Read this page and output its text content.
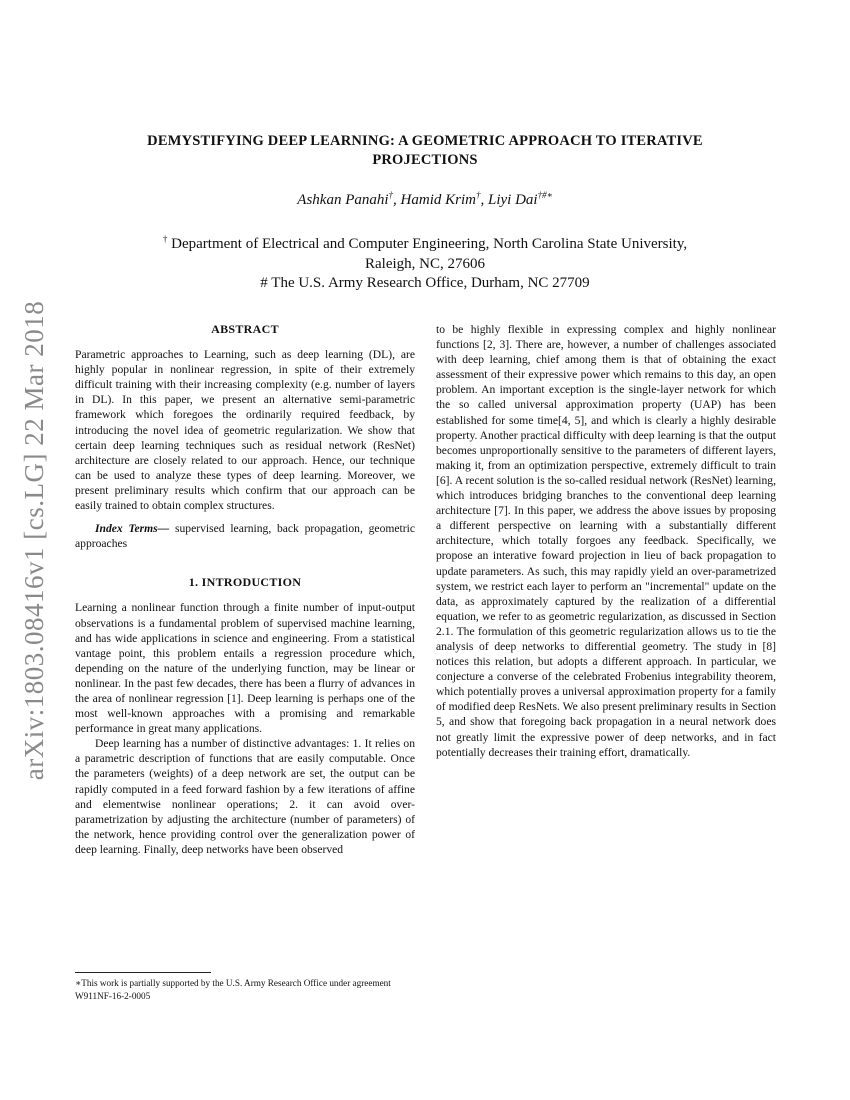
arXiv:1803.08416v1 [cs.LG] 22 Mar 2018
DEMYSTIFYING DEEP LEARNING: A GEOMETRIC APPROACH TO ITERATIVE
PROJECTIONS
Ashkan Panahi†, Hamid Krim†, Liyi Dai†#∗
† Department of Electrical and Computer Engineering, North Carolina State University,
Raleigh, NC, 27606
# The U.S. Army Research Office, Durham, NC 27709
ABSTRACT

Parametric approaches to Learning, such as deep learning (DL), are highly popular in nonlinear regression, in spite of their extremely difficult training with their increasing complexity (e.g. number of layers in DL). In this paper, we present an alternative semi-parametric framework which foregoes the ordinarily required feedback, by introducing the novel idea of geometric regularization. We show that certain deep learning techniques such as residual network (ResNet) architecture are closely related to our approach. Hence, our technique can be used to analyze these types of deep learning. Moreover, we present preliminary results which confirm that our approach can be easily trained to obtain complex structures.

Index Terms— supervised learning, back propagation, geometric approaches

1. INTRODUCTION

Learning a nonlinear function through a finite number of input-output observations is a fundamental problem of supervised machine learning, and has wide applications in science and engineering. From a statistical vantage point, this problem entails a regression procedure which, depending on the nature of the underlying function, may be linear or nonlinear. In the past few decades, there has been a flurry of advances in the area of nonlinear regression [1]. Deep learning is perhaps one of the most well-known approaches with a promising and remarkable performance in great many applications.

Deep learning has a number of distinctive advantages: 1. It relies on a parametric description of functions that are easily computable. Once the parameters (weights) of a deep network are set, the output can be rapidly computed in a feed forward fashion by a few iterations of affine and elementwise nonlinear operations; 2. it can avoid over-parametrization by adjusting the architecture (number of parameters) of the network, hence providing control over the generalization power of deep learning. Finally, deep networks have been observed

to be highly flexible in expressing complex and highly nonlinear functions [2, 3]. There are, however, a number of challenges associated with deep learning, chief among them is that of obtaining the exact assessment of their expressive power which remains to this day, an open problem. An important exception is the single-layer network for which the so called universal approximation property (UAP) has been established for some time[4, 5], and which is clearly a highly desirable property. Another practical difficulty with deep learning is that the output becomes unproportionally sensitive to the parameters of different layers, making it, from an optimization perspective, extremely difficult to train [6]. A recent solution is the so-called residual network (ResNet) learning, which introduces bridging branches to the conventional deep learning architecture [7]. In this paper, we address the above issues by proposing a different perspective on learning with a substantially different architecture, which totally forgoes any feedback. Specifically, we propose an interative foward projection in lieu of back propagation to update parameters. As such, this may rapidly yield an over-parametrized system, we restrict each layer to perform an "incremental" update on the data, as approximately captured by the realization of a differential equation, we refer to as geometric regularization, as discussed in Section 2.1. The formulation of this geometric regularization allows us to tie the analysis of deep networks to differential geometry. The study in [8] notices this relation, but adopts a different approach. In particular, we conjecture a converse of the celebrated Frobenius integrability theorem, which potentially proves a universal approximation property for a family of modified deep ResNets. We also present preliminary results in Section 5, and show that foregoing back propagation in a neural network does not greatly limit the expressive power of deep networks, and in fact potentially decreases their training effort, dramatically.

∗This work is partially supported by the U.S. Army Research Office under agreement W911NF-16-2-0005
